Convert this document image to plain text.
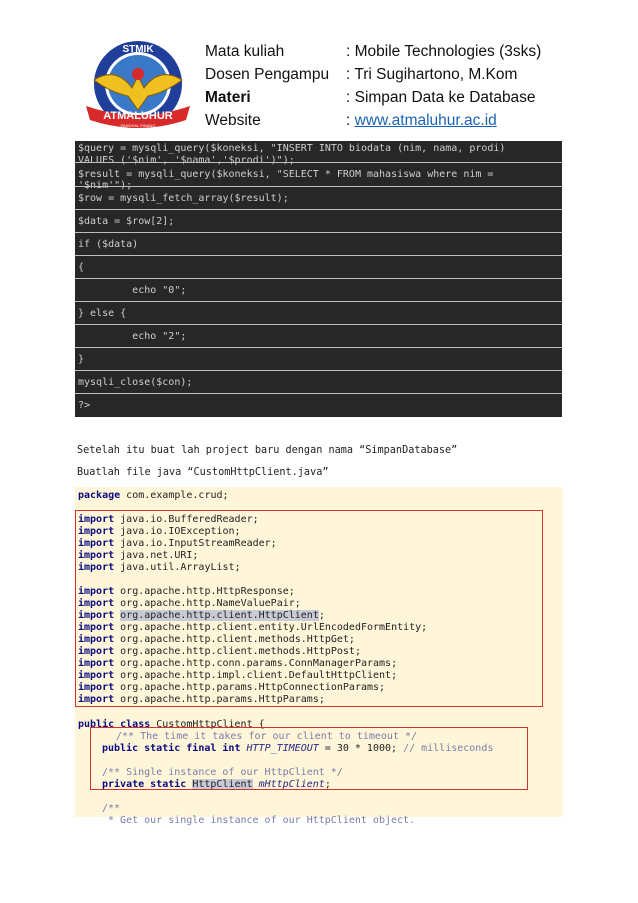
STMIK
ATMALUHUR
PANGKAL PINANG
Mata kuliah	: Mobile Technologies (3sks)
Dosen Pengampu : Tri Sugihartono, M.Kom
Materi	: Simpan Data ke Database
Website	: www.atmaluhur.ac.id
$query = mysqli_query($koneksi, "INSERT INTO biodata (nim, nama, prodi)
VALUES ('$nim', '$nama','$prodi')");
$result = mysqli_query($koneksi, "SELECT * FROM mahasiswa where nim =
'$nim'");
$row = mysqli_fetch_array($result);
$data = $row[2];
if ($data)
{
echo "0";
} else {
echo "2";
}
mysqli_close($con);
?>
Setelah itu buat lah project baru dengan nama “SimpanDatabase”
Buatlah file java “CustomHttpClient.java”
package com.example.crud;
public class CustomHttpClient {
/** The time it takes for our client to timeout */
public static final int HTTP_TIMEOUT = 30 * 1000; // milliseconds
/** Single instance of our HttpClient */
private static HttpClient mHttpClient;
/**
* Get our single instance of our HttpClient object.
import java.io.BufferedReader;
import java.io.IOException;
import java.io.InputStreamReader;
import java.net.URI;
import java.util.ArrayList;
import org.apache.http.HttpResponse;
import org.apache.http.NameValuePair;
import org.apache.http.client.HttpClient;
import org.apache.http.client.entity.UrlEncodedFormEntity;
import org.apache.http.client.methods.HttpGet;
import org.apache.http.client.methods.HttpPost;
import org.apache.http.conn.params.ConnManagerParams;
import org.apache.http.impl.client.DefaultHttpClient;
import org.apache.http.params.HttpConnectionParams;
import org.apache.http.params.HttpParams;
